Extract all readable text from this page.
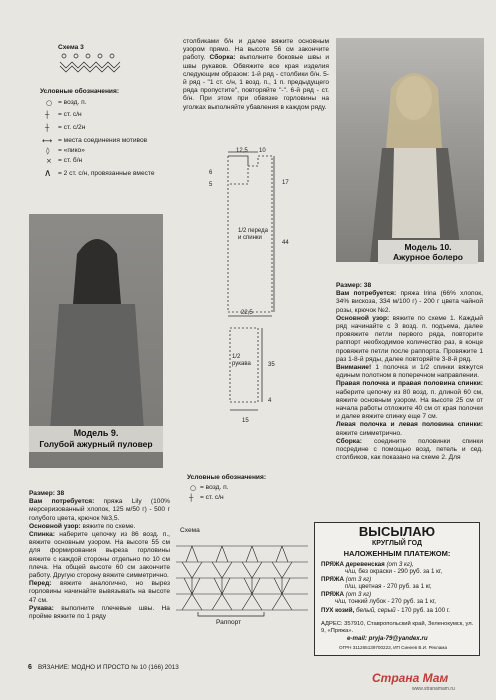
Схема 3
Условные обозначения:
○ = возд. п.
┼ = ст. с/н
┼ = ст. с/2н
⟷ = места соединения мотивов
◊ = «пико»
× = ст. б/н
∧ = 2 ст. с/н, провязанные вместе
столбиками б/н и далее вяжите основным узором прямо. На высоте 56 см закончите работу. Сборка: выполните боковые швы и швы рукавов. Обвяжите все края изделия следующим образом: 1-й ряд - столбики б/н. 5-й ряд - "1 ст. с/н, 1 возд. п., 1 п. предыдущего ряда пропустите", повторяйте "-". 6-й ряд - ст. б/н. При этом при обвязке горловины на уголках выполняйте убавления в каждом ряду.
12,5 10
6
5	17
44
22,5
1/2 переда и спинки
35
4
15
1/2 рукава
Модель 10.
Ажурное болеро
Модель 9.
Голубой ажурный пуловер
Размер: 38
Вам потребуется: пряжа Lily (100% мерсеризованный хлопок, 125 м/50 г) - 500 г голубого цвета, крючок №3,5.
Основной узор: вяжите по схеме.
Спинка: наберите цепочку из 86 возд. п., вяжите основным узором. На высоте 55 см для формирования выреза горловины вяжите с каждой стороны отдельно по 10 см плеча. На общей высоте 60 см закончите работу. Другую сторону вяжите симметрично.
Перед: вяжите аналогично, но вырез горловины начинайте вывязывать на высоте 47 см.
Рукава: выполните плечевые швы. На пройме вяжите по 1 ряду
Условные обозначения:
○ = возд. п.
┼ = ст. с/н
Схема
Раппорт
Размер: 38
Вам потребуется: пряжа Irina (66% хлопок, 34% вискоза, 334 м/100 г) - 200 г цвета чайной розы, крючок №2.
Основной узор: вяжите по схеме 1. Каждый ряд начинайте с 3 возд. п. подъема, далее провяжите петли первого ряда, повторите раппорт необходимое количество раз, в конце провяжите петли после раппорта. Провяжите 1 раз 1-8-й ряды, далее повторяйте 3-8-й ряд.
Внимание! 1 полочка и 1/2 спинки вяжутся единым полотном в поперечном направлении.
Правая полочка и правая половина спинки: наберите цепочку из 80 возд. п. длиной 60 см, вяжите основным узором. На высоте 25 см от начала работы отложите 40 см от края полочки и далее вяжите спинку еще 7 см.
Левая полочка и левая половина спинки: вяжите симметрично.
Сборка: соедините половинки спинки посредине с помощью возд. петель и сед. столбиков, как показано на схеме 2. Для
ВЫСЫЛАЮ
КРУГЛЫЙ ГОД
НАЛОЖЕННЫМ ПЛАТЕЖОМ:
ПРЯЖА деревенская (от 3 кг),
ч/ш, без окраски - 290 руб. за 1 кг,
ПРЯЖА (от 3 кг)
п/ш, цветная - 270 руб. за 1 кг,
ПРЯЖА (от 3 кг)
ч/ш, тонкий лубок - 270 руб. за 1 кг,
ПУХ козий, белый, серый - 170 руб. за 100 г.
АДРЕС: 357910, Ставропольский край, Зеленокумск, ул. 9, «Пряжа».
e-mail: pryja-79@yandex.ru
ОГРН 311265139700223, ИП Синеев В.И. Реклама
6 ВЯЗАНИЕ: МОДНО И ПРОСТО № 10 (166) 2013
Страна Мам
www.stranamam.ru
